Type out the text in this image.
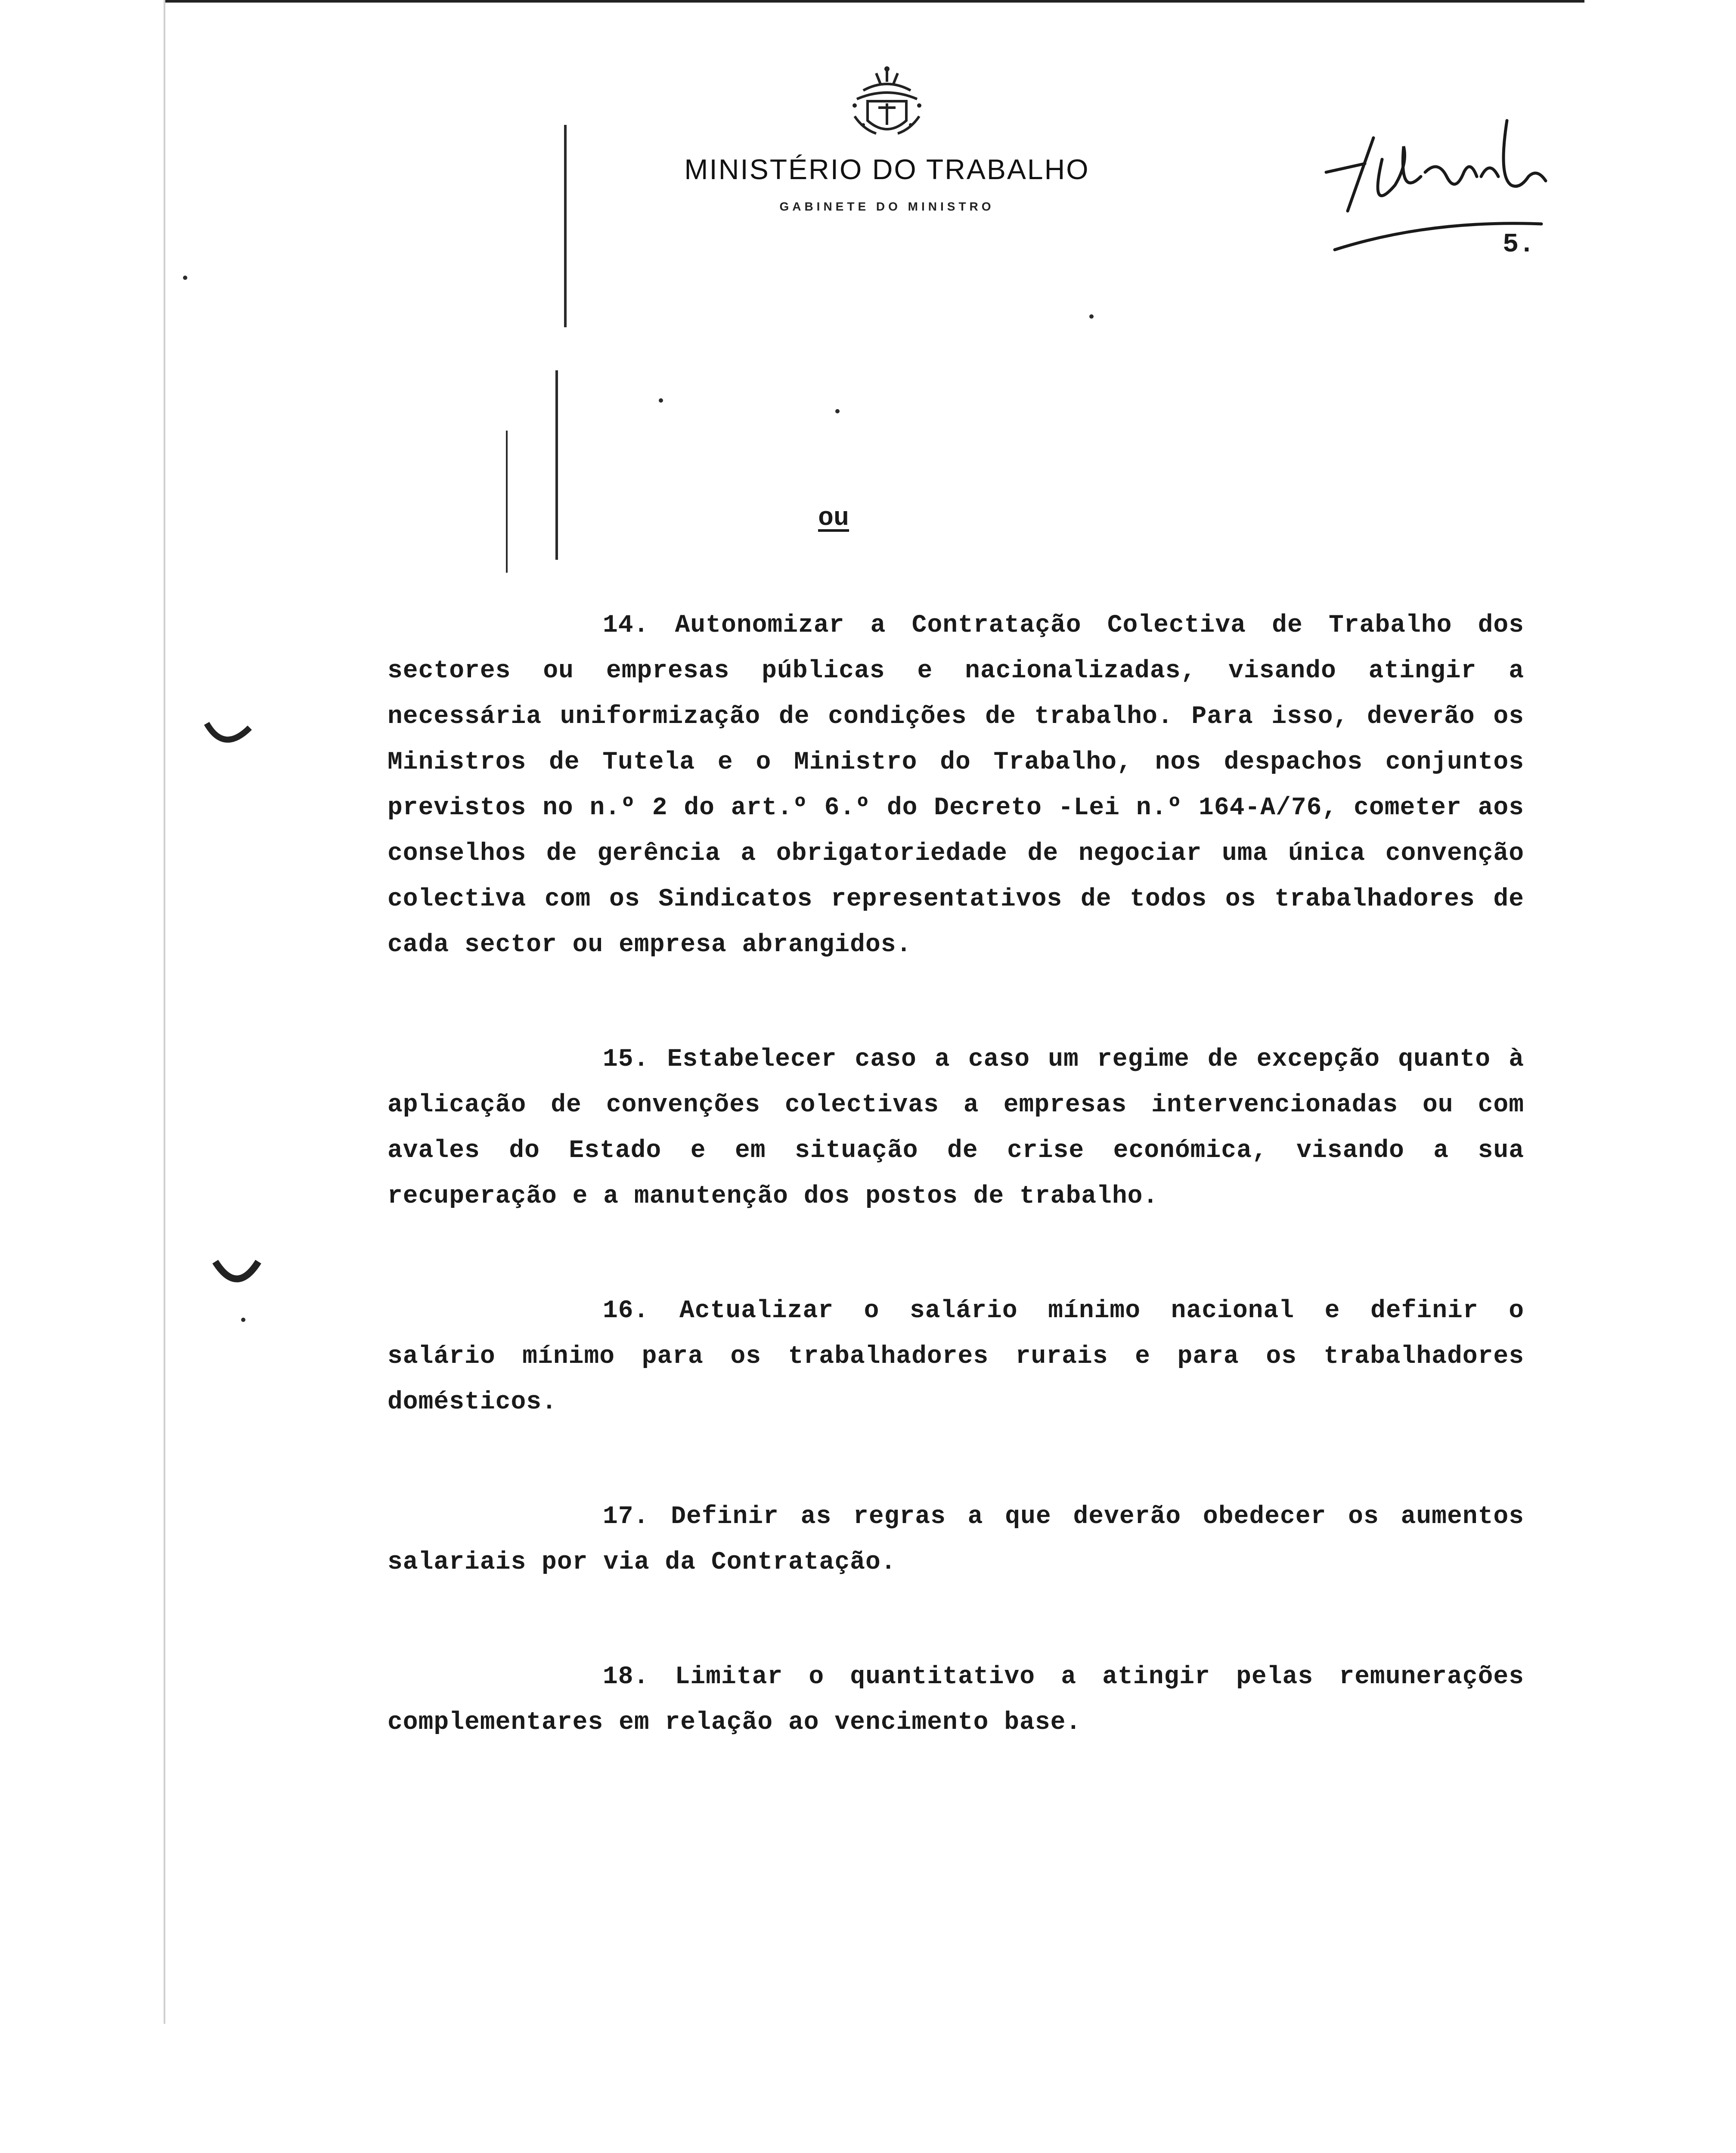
MINISTÉRIO DO TRABALHO
GABINETE DO MINISTRO
5.
ou

14. Autonomizar a Contratação Colectiva de Trabalho dos sectores ou empresas públicas e nacionalizadas, visando atingir a necessária uniformização de condições de trabalho. Para isso, deverão os Ministros de Tutela e o Ministro do Trabalho, nos despachos conjuntos previstos no n.º 2 do art.º 6.º do Decreto -Lei n.º 164-A/76, cometer aos conselhos de gerência a obrigatoriedade de negociar uma única convenção colectiva com os Sindicatos representativos de todos os trabalhadores de cada sector ou empresa abrangidos.

15. Estabelecer caso a caso um regime de excepção quanto à aplicação de convenções colectivas a empresas intervencionadas ou com avales do Estado e em situação de crise económica, visando a sua recuperação e a manutenção dos postos de trabalho.

16. Actualizar o salário mínimo nacional e definir o salário mínimo para os trabalhadores rurais e para os trabalhadores domésticos.

17. Definir as regras a que deverão obedecer os aumentos salariais por via da Contratação.

18. Limitar o quantitativo a atingir pelas remunerações complementares em relação ao vencimento base.
